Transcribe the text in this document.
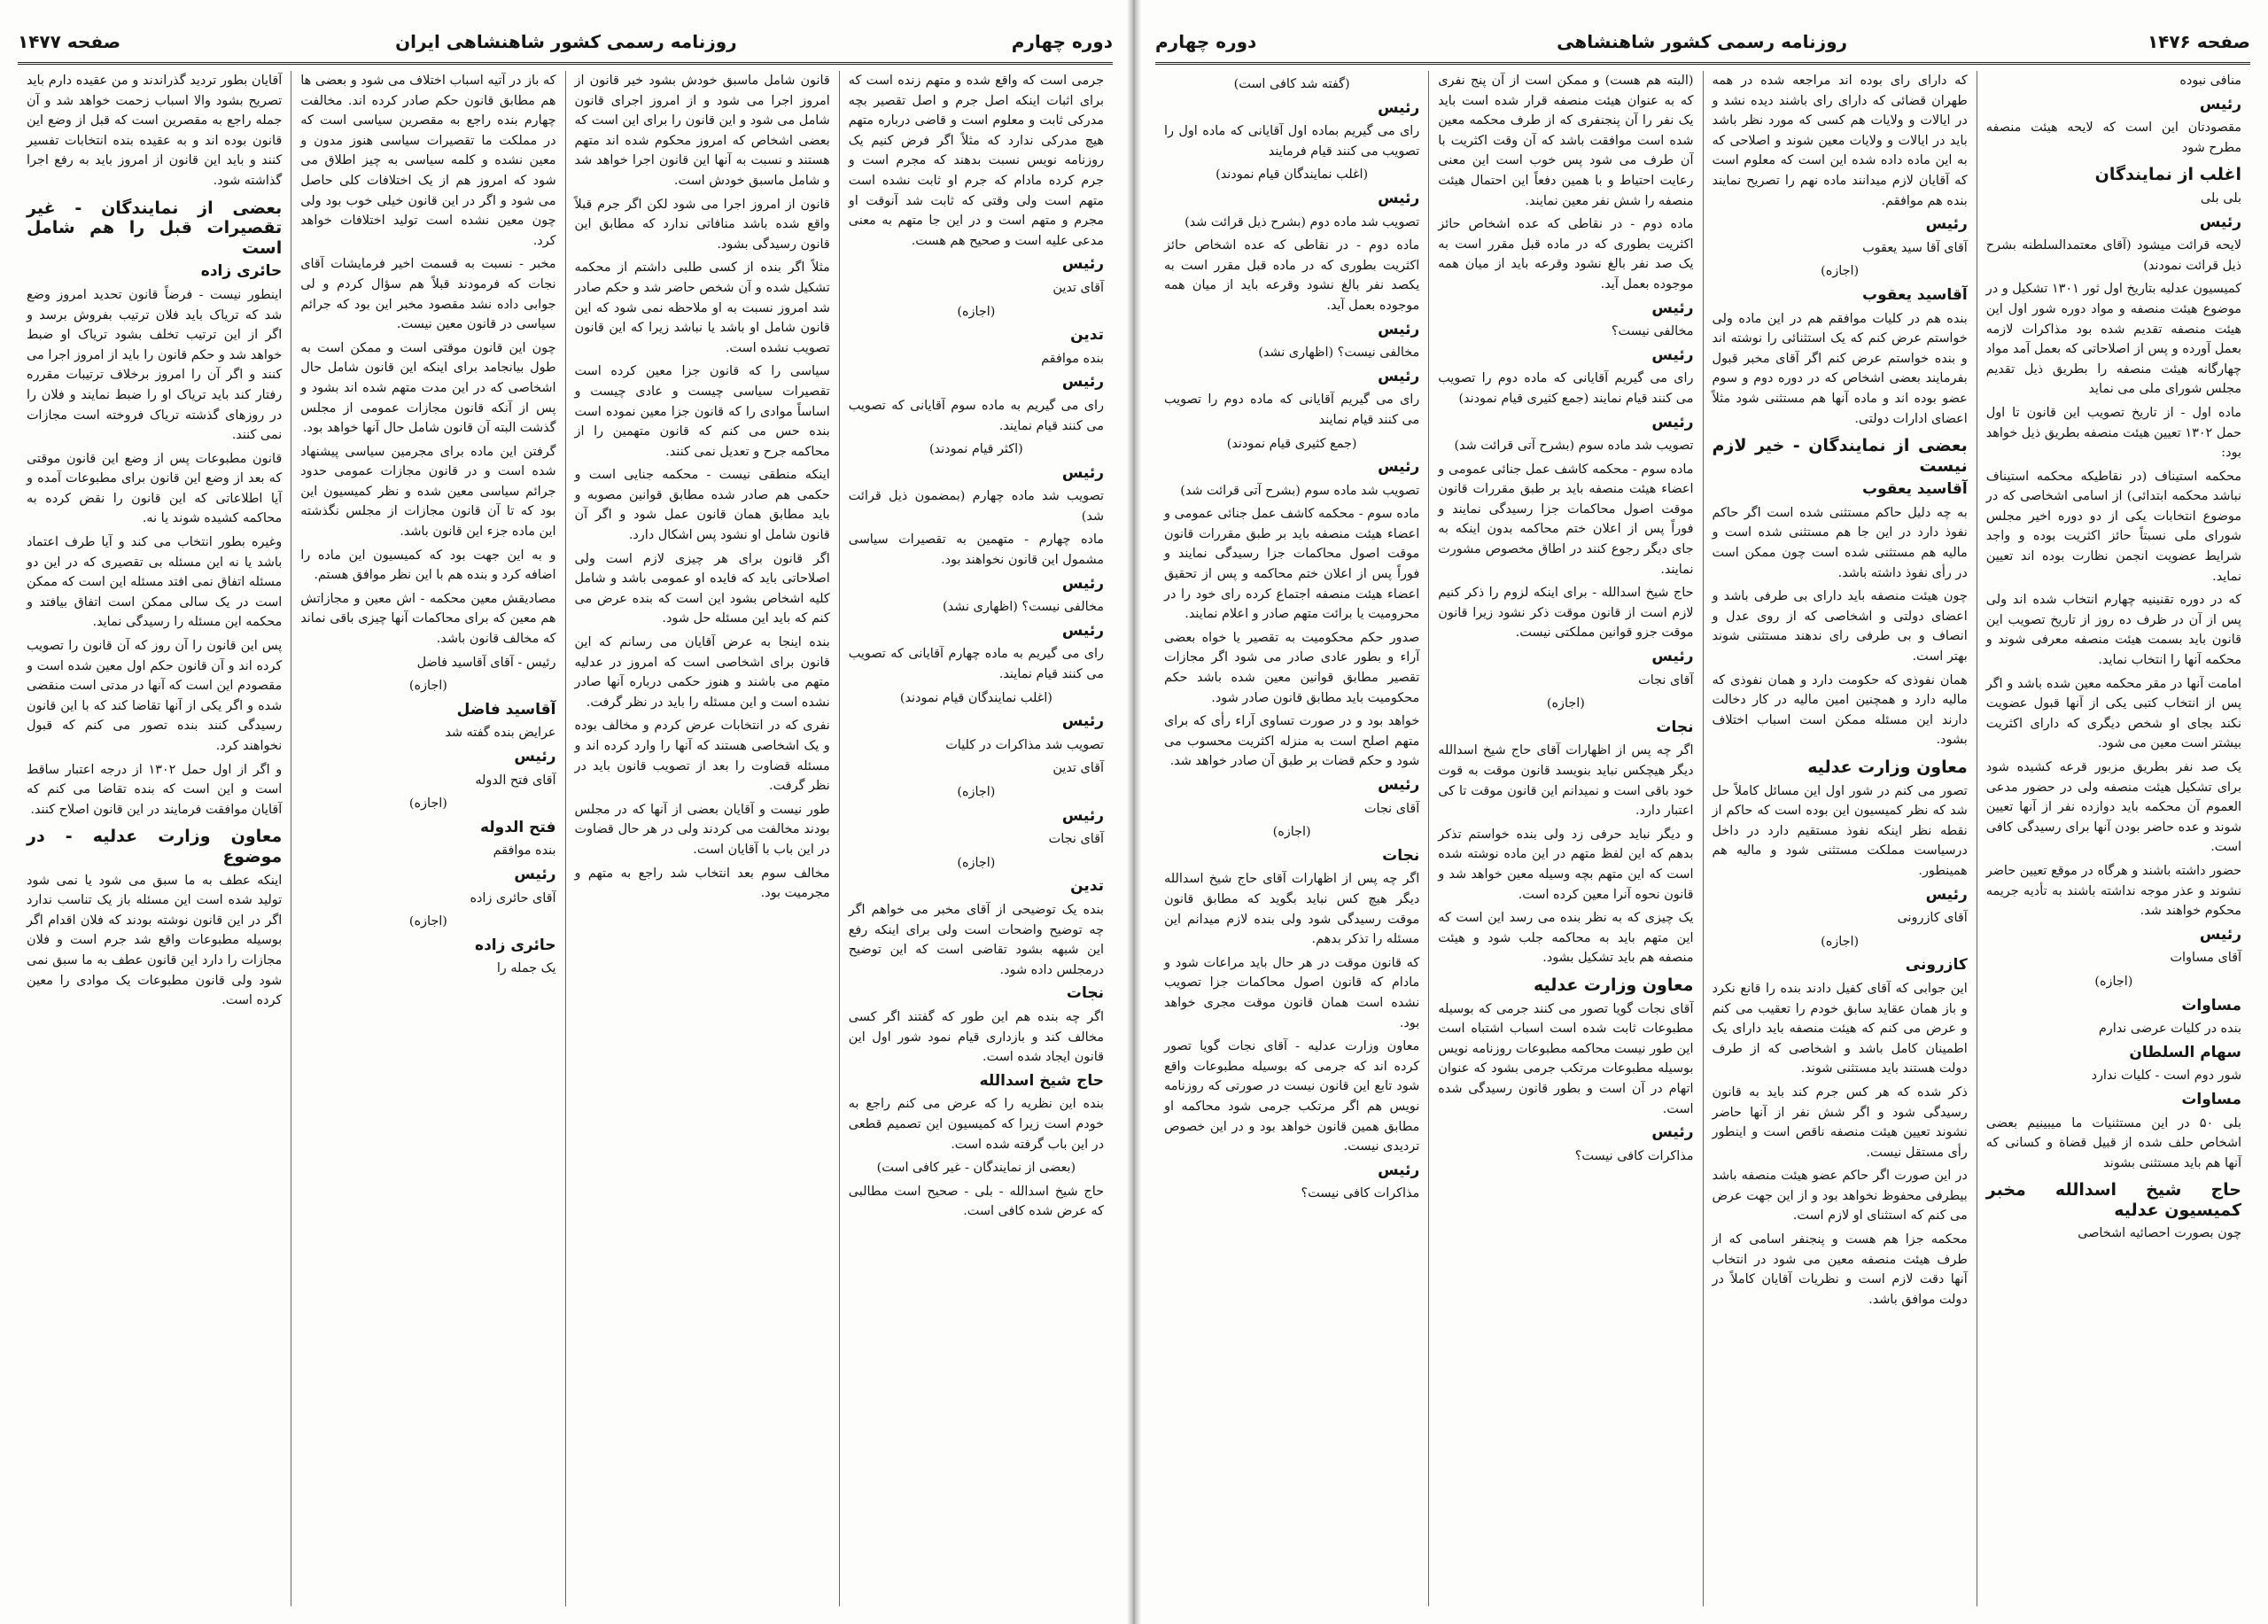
دوره چهارم
روزنامه رسمی کشور شاهنشاهی ایران
صفحه ۱۴۷۷
جرمی است که واقع شده و متهم زنده است که برای اثبات اینکه اصل جرم و اصل تقصیر بچه مدرکی ثابت و معلوم است و قاضی درباره متهم هیچ مدرکی ندارد که مثلاً اگر فرض کنیم یک روزنامه نویس نسبت بدهند که مجرم است و جرم کرده مادام که جرم او ثابت نشده است متهم است ولی وقتی که ثابت شد آنوقت او مجرم و متهم است و در این جا متهم به معنی مدعی علیه است و صحیح هم هست.
رئیس
آقای تدین
(اجازه)
تدین
بنده موافقم
رئیس
رای می گیریم به ماده سوم آقایانی که تصویب می کنند قیام نمایند.
(اکثر قیام نمودند)
رئیس
تصویب شد ماده چهارم (بمضمون ذیل قرائت شد)
ماده چهارم - متهمین به تقصیرات سیاسی مشمول این قانون نخواهند بود.
رئیس
مخالفی نیست؟ (اظهاری نشد)
رئیس
رای می گیریم به ماده چهارم آقایانی که تصویب می کنند قیام نمایند.
(اغلب نمایندگان قیام نمودند)
رئیس
تصویب شد مذاکرات در کلیات
آقای تدین
(اجازه)
رئیس
آقای نجات
(اجازه)
تدین
بنده یک توضیحی از آقای مخبر می خواهم اگر چه توضیح واضحات است ولی برای اینکه رفع این شبهه بشود تقاضی است که این توضیح درمجلس داده شود.
نجات
اگر چه بنده هم این طور که گفتند اگر کسی مخالف کند و بازداری قیام نمود شور اول این قانون ایجاد شده است.
حاج شیخ اسدالله
بنده این نظریه را که عرض می کنم راجع به خودم است زیرا که کمیسیون این تصمیم قطعی در این باب گرفته شده است.
(بعضی از نمایندگان - غیر کافی است)
حاج شیخ اسدالله - بلی - صحیح است مطالبی که عرض شده کافی است.
قانون شامل ماسبق خودش بشود خیر قانون از امروز اجرا می شود و از امروز اجرای قانون شامل می شود و این قانون را برای این است که بعضی اشخاص که امروز محکوم شده اند متهم هستند و نسبت به آنها این قانون اجرا خواهد شد و شامل ماسبق خودش است.
قانون از امروز اجرا می شود لکن اگر جرم قبلاً واقع شده باشد منافاتی ندارد که مطابق این قانون رسیدگی بشود.
مثلاً اگر بنده از کسی طلبی داشتم از محکمه تشکیل شده و آن شخص حاضر شد و حکم صادر شد امروز نسبت به او ملاحظه نمی شود که این قانون شامل او باشد یا نباشد زیرا که این قانون تصویب نشده است.
سیاسی را که قانون جزا معین کرده است تقصیرات سیاسی چیست و عادی چیست و اساساً موادی را که قانون جزا معین نموده است بنده حس می کنم که قانون متهمین را از محاکمه جرح و تعدیل نمی کنند.
اینکه منطقی نیست - محکمه جنایی است و حکمی هم صادر شده مطابق قوانین مصوبه و باید مطابق همان قانون عمل شود و اگر آن قانون شامل او نشود پس اشکال دارد.
اگر قانون برای هر چیزی لازم است ولی اصلاحاتی باید که فایده او عمومی باشد و شامل کلیه اشخاص بشود این است که بنده عرض می کنم که باید این مسئله حل شود.
بنده اینجا به عرض آقایان می رسانم که این قانون برای اشخاصی است که امروز در عدلیه متهم می باشند و هنوز حکمی درباره آنها صادر نشده است و این مسئله را باید در نظر گرفت.
نفری که در انتخابات عرض کردم و مخالف بوده و یک اشخاصی هستند که آنها را وارد کرده اند و مسئله قضاوت را بعد از تصویب قانون باید در نظر گرفت.
طور نیست و آقایان بعضی از آنها که در مجلس بودند مخالفت می کردند ولی در هر حال قضاوت در این باب با آقایان است.
مخالف سوم بعد انتخاب شد راجع به متهم و مجرمیت بود.
که باز در آتیه اسباب اختلاف می شود و بعضی ها هم مطابق قانون حکم صادر کرده اند. مخالفت چهارم بنده راجع به مقصرین سیاسی است که در مملکت ما تقصیرات سیاسی هنوز مدون و معین نشده و کلمه سیاسی به چیز اطلاق می شود که امروز هم از یک اختلافات کلی حاصل می شود و اگر در این قانون خیلی خوب بود ولی چون معین نشده است تولید اختلافات خواهد کرد.
مخبر - نسبت به قسمت اخیر فرمایشات آقای نجات که فرمودند قبلاً هم سؤال کردم و لی جوابی داده نشد مقصود مخبر این بود که جرائم سیاسی در قانون معین نیست.
چون این قانون موقتی است و ممکن است به طول بیانجامد برای اینکه این قانون شامل حال اشخاصی که در این مدت متهم شده اند بشود و پس از آنکه قانون مجازات عمومی از مجلس گذشت البته آن قانون شامل حال آنها خواهد بود.
گرفتن این ماده برای مجرمین سیاسی پیشنهاد شده است و در قانون مجازات عمومی حدود جرائم سیاسی معین شده و نظر کمیسیون این بود که تا آن قانون مجازات از مجلس نگذشته این ماده جزء این قانون باشد.
و به این جهت بود که کمیسیون این ماده را اضافه کرد و بنده هم با این نظر موافق هستم.
مصادیقش معین محکمه - اش معین و مجازاتش هم معین که برای محاکمات آنها چیزی باقی نماند که مخالف قانون باشد.
رئیس - آقای آقاسید فاضل
(اجازه)
آقاسید فاضل
عرایض بنده گفته شد
رئیس
آقای فتح الدوله
(اجازه)
فتح الدوله
بنده موافقم
رئیس
آقای حائری زاده
(اجازه)
حائری زاده
یک جمله را
آقایان بطور تردید گذراندند و من عقیده دارم باید تصریح بشود والا اسباب زحمت خواهد شد و آن جمله راجع به مقصرین است که قبل از وضع این قانون بوده اند و به عقیده بنده انتخابات تفسیر کنند و باید این قانون از امروز باید به رفع اجرا گذاشته شود.
بعضی از نمایندگان - غیر تقصیرات قبل را هم شامل است
حائری زاده
اینطور نیست - فرضاً قانون تحدید امروز وضع شد که تریاک باید فلان ترتیب بفروش برسد و اگر از این ترتیب تخلف بشود تریاک او ضبط خواهد شد و حکم قانون را باید از امروز اجرا می کنند و اگر آن را امروز برخلاف ترتیبات مقرره رفتار کند باید تریاک او را ضبط نمایند و فلان را در روزهای گذشته تریاک فروخته است مجازات نمی کنند.
قانون مطبوعات پس از وضع این قانون موقتی که بعد از وضع این قانون برای مطبوعات آمده و آیا اطلاعاتی که این قانون را نقض کرده به محاکمه کشیده شوند یا نه.
وغیره بطور انتخاب می کند و آیا طرف اعتماد باشد یا نه این مسئله بی تقصیری که در این دو مسئله اتفاق نمی افتد مسئله این است که ممکن است در یک سالی ممکن است اتفاق بیافتد و محکمه این مسئله را رسیدگی نماید.
پس این قانون را آن روز که آن قانون را تصویب کرده اند و آن قانون حکم اول معین شده است و مقصودم این است که آنها در مدتی است منقضی شده و اگر یکی از آنها تقاضا کند که با این قانون رسیدگی کنند بنده تصور می کنم که قبول نخواهند کرد.
و اگر از اول حمل ۱۳۰۲ از درجه اعتبار ساقط است و این است که بنده تقاضا می کنم که آقایان موافقت فرمایند در این قانون اصلاح کنند.
معاون وزارت عدلیه - در موضوع
اینکه عطف به ما سبق می شود یا نمی شود تولید شده است این مسئله باز یک تناسب ندارد اگر در این قانون نوشته بودند که فلان اقدام اگر بوسیله مطبوعات واقع شد جرم است و فلان مجازات را دارد این قانون عطف به ما سبق نمی شود ولی قانون مطبوعات یک موادی را معین کرده است.
صفحه ۱۴۷۶
روزنامه رسمی کشور شاهنشاهی
دوره چهارم
منافی نبوده
رئیس
مقصودتان این است که لایحه هیئت منصفه مطرح شود
اغلب از نمایندگان
بلی بلی
رئیس
لایحه قرائت میشود (آقای معتمدالسلطنه بشرح ذیل قرائت نمودند)
کمیسیون عدلیه بتاریخ اول ثور ۱۳۰۱ تشکیل و در موضوع هیئت منصفه و مواد دوره شور اول این هیئت منصفه تقدیم شده بود مذاکرات لازمه بعمل آورده و پس از اصلاحاتی که بعمل آمد مواد چهارگانه هیئت منصفه را بطریق ذیل تقدیم مجلس شورای ملی می نماید
ماده اول - از تاریخ تصویب این قانون تا اول حمل ۱۳۰۲ تعیین هیئت منصفه بطریق ذیل خواهد بود:
محکمه استیناف (در نقاطیکه محکمه استیناف نباشد محکمه ابتدائی) از اسامی اشخاصی که در موضوع انتخابات یکی از دو دوره اخیر مجلس شورای ملی نسبتاً حائز اکثریت بوده و واجد شرایط عضویت انجمن نظارت بوده اند تعیین نماید.
که در دوره تقنینیه چهارم انتخاب شده اند ولی پس از آن در ظرف ده روز از تاریخ تصویب این قانون باید بسمت هیئت منصفه معرفی شوند و محکمه آنها را انتخاب نماید.
امامت آنها در مقر محکمه معین شده باشد و اگر پس از انتخاب کتبی یکی از آنها قبول عضویت نکند بجای او شخص دیگری که دارای اکثریت بیشتر است معین می شود.
یک صد نفر بطریق مزبور قرعه کشیده شود برای تشکیل هیئت منصفه ولی در حضور مدعی العموم آن محکمه باید دوازده نفر از آنها تعیین شوند و عده حاضر بودن آنها برای رسیدگی کافی است.
حضور داشته باشند و هرگاه در موقع تعیین حاضر نشوند و عذر موجه نداشته باشند به تأدیه جریمه محکوم خواهند شد.
رئیس
آقای مساوات
(اجازه)
مساوات
بنده در کلیات عرضی ندارم
سهام السلطان
شور دوم است - کلیات ندارد
مساوات
بلی ۵۰ در این مستثنیات ما میبینیم بعضی اشخاص حلف شده از قبیل قضاة و کسانی که آنها هم باید مستثنی بشوند
حاج شیخ اسدالله مخبر کمیسیون عدلیه
چون بصورت احصائیه اشخاصی
که دارای رای بوده اند مراجعه شده در همه طهران قضائی که دارای رای باشند دیده نشد و در ایالات و ولایات هم کسی که مورد نظر باشد باید در ایالات و ولایات معین شوند و اصلاحی که به این ماده داده شده این است که معلوم است که آقایان لازم میدانند ماده نهم را تصریح نمایند بنده هم موافقم.
رئیس
آقای آقا سید یعقوب
(اجازه)
آقاسید یعقوب
بنده هم در کلیات موافقم هم در این ماده ولی خواستم عرض کنم که یک استثنائی را نوشته اند و بنده خواستم عرض کنم اگر آقای مخبر قبول بفرمایند بعضی اشخاص که در دوره دوم و سوم عضو بوده اند و ماده آنها هم مستثنی شود مثلاً اعضای ادارات دولتی.
بعضی از نمایندگان - خیر لازم نیست
آقاسید یعقوب
به چه دلیل حاکم مستثنی شده است اگر حاکم نفوذ دارد در این جا هم مستثنی شده است و مالیه هم مستثنی شده است چون ممکن است در رأی نفوذ داشته باشد.
چون هیئت منصفه باید دارای بی طرفی باشد و اعضای دولتی و اشخاصی که از روی عدل و انصاف و بی طرفی رای ندهند مستثنی شوند بهتر است.
همان نفوذی که حکومت دارد و همان نفوذی که مالیه دارد و همچنین امین مالیه در کار دخالت دارند این مسئله ممکن است اسباب اختلاف بشود.
معاون وزارت عدلیه
تصور می کنم در شور اول این مسائل کاملاً حل شد که نظر کمیسیون این بوده است که حاکم از نقطه نظر اینکه نفوذ مستقیم دارد در داخل درسیاست مملکت مستثنی شود و مالیه هم همینطور.
رئیس
آقای کازرونی
(اجازه)
کازرونی
این جوابی که آقای کفیل دادند بنده را قانع نکرد و باز همان عقاید سابق خودم را تعقیب می کنم و عرض می کنم که هیئت منصفه باید دارای یک اطمینان کامل باشد و اشخاصی که از طرف دولت هستند باید مستثنی شوند.
ذکر شده که هر کس جرم کند باید به قانون رسیدگی شود و اگر شش نفر از آنها حاضر نشوند تعیین هیئت منصفه ناقص است و اینطور رأی مستقل نیست.
در این صورت اگر حاکم عضو هیئت منصفه باشد بیطرفی محفوظ نخواهد بود و از این جهت عرض می کنم که استثنای او لازم است.
محکمه جزا هم هست و پنجنفر اسامی که از طرف هیئت منصفه معین می شود در انتخاب آنها دقت لازم است و نظریات آقایان کاملاً در دولت موافق باشد.
(البته هم هست) و ممکن است از آن پنج نفری که به عنوان هیئت منصفه قرار شده است باید یک نفر را آن پنجنفری که از طرف محکمه معین شده است موافقت باشد که آن وقت اکثریت با آن طرف می شود پس خوب است این معنی رعایت احتیاط و با همین دفعاً این احتمال هیئت منصفه را شش نفر معین نمایند.
ماده دوم - در نقاطی که عده اشخاص حائز اکثریت بطوری که در ماده قبل مقرر است به یک صد نفر بالغ نشود وقرعه باید از میان همه موجوده بعمل آید.
رئیس
مخالفی نیست؟
رئیس
رای می گیریم آقایانی که ماده دوم را تصویب می کنند قیام نمایند (جمع کثیری قیام نمودند)
رئیس
تصویب شد ماده سوم (بشرح آتی قرائت شد)
ماده سوم - محکمه کاشف عمل جنائی عمومی و اعضاء هیئت منصفه باید بر طبق مقررات قانون موقت اصول محاکمات جزا رسیدگی نمایند و فوراً پس از اعلان ختم محاکمه بدون اینکه به جای دیگر رجوع کنند در اطاق مخصوص مشورت نمایند.
حاج شیخ اسدالله - برای اینکه لزوم را ذکر کنیم لازم است از قانون موقت ذکر نشود زیرا قانون موقت جزو قوانین مملکتی نیست.
رئیس
آقای نجات
(اجازه)
نجات
اگر چه پس از اظهارات آقای حاج شیخ اسدالله دیگر هیچکس نباید بنویسد قانون موقت به قوت خود باقی است و نمیدانم این قانون موقت تا کی اعتبار دارد.
و دیگر نباید حرفی زد ولی بنده خواستم تذکر بدهم که این لفظ متهم در این ماده نوشته شده است که این متهم بچه وسیله معین خواهد شد و قانون نحوه آنرا معین کرده است.
یک چیزی که به نظر بنده می رسد این است که این متهم باید به محاکمه جلب شود و هیئت منصفه هم باید تشکیل بشود.
معاون وزارت عدلیه
آقای نجات گویا تصور می کنند جرمی که بوسیله مطبوعات ثابت شده است اسباب اشتباه است این طور نیست محاکمه مطبوعات روزنامه نویس بوسیله مطبوعات مرتکب جرمی بشود که عنوان اتهام در آن است و بطور قانون رسیدگی شده است.
رئیس
مذاکرات کافی نیست؟
(گفته شد کافی است)
رئیس
رای می گیریم بماده اول آقایانی که ماده اول را تصویب می کنند قیام فرمایند
(اغلب نمایندگان قیام نمودند)
رئیس
تصویب شد ماده دوم (بشرح ذیل قرائت شد)
ماده دوم - در نقاطی که عده اشخاص حائز اکثریت بطوری که در ماده قبل مقرر است به یکصد نفر بالغ نشود وقرعه باید از میان همه موجوده بعمل آید.
رئیس
مخالفی نیست؟ (اظهاری نشد)
رئیس
رای می گیریم آقایانی که ماده دوم را تصویب می کنند قیام نمایند
(جمع کثیری قیام نمودند)
رئیس
تصویب شد ماده سوم (بشرح آتی قرائت شد)
ماده سوم - محکمه کاشف عمل جنائی عمومی و اعضاء هیئت منصفه باید بر طبق مقررات قانون موقت اصول محاکمات جزا رسیدگی نمایند و فوراً پس از اعلان ختم محاکمه و پس از تحقیق اعضاء هیئت منصفه اجتماع کرده رای خود را در محرومیت یا برائت متهم صادر و اعلام نمایند.
صدور حکم محکومیت به تقصیر یا خواه بعضی آراء و بطور عادی صادر می شود اگر مجازات تقصیر مطابق قوانین معین شده باشد حکم محکومیت باید مطابق قانون صادر شود.
خواهد بود و در صورت تساوی آراء رأی که برای متهم اصلح است به منزله اکثریت محسوب می شود و حکم قضات بر طبق آن صادر خواهد شد.
رئیس
آقای نجات
(اجازه)
نجات
اگر چه پس از اظهارات آقای حاج شیخ اسدالله دیگر هیچ کس نباید بگوید که مطابق قانون موقت رسیدگی شود ولی بنده لازم میدانم این مسئله را تذکر بدهم.
که قانون موقت در هر حال باید مراعات شود و مادام که قانون اصول محاکمات جزا تصویب نشده است همان قانون موقت مجری خواهد بود.
معاون وزارت عدلیه - آقای نجات گویا تصور کرده اند که جرمی که بوسیله مطبوعات واقع شود تابع این قانون نیست در صورتی که روزنامه نویس هم اگر مرتکب جرمی شود محاکمه او مطابق همین قانون خواهد بود و در این خصوص تردیدی نیست.
رئیس
مذاکرات کافی نیست؟
